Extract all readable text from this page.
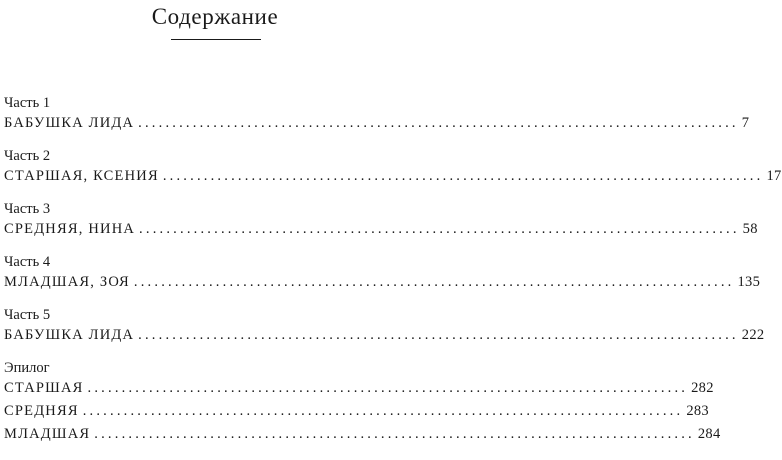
Содержание
Часть 1
БАБУШКА ЛИДА ........................................................................................ 7
Часть 2
СТАРШАЯ, КСЕНИЯ ........................................................................................ 17
Часть 3
СРЕДНЯЯ, НИНА ........................................................................................ 58
Часть 4
МЛАДШАЯ, ЗОЯ ........................................................................................ 135
Часть 5
БАБУШКА ЛИДА ........................................................................................ 222
Эпилог
СТАРШАЯ ........................................................................................ 282
СРЕДНЯЯ ........................................................................................ 283
МЛАДШАЯ ........................................................................................ 284
